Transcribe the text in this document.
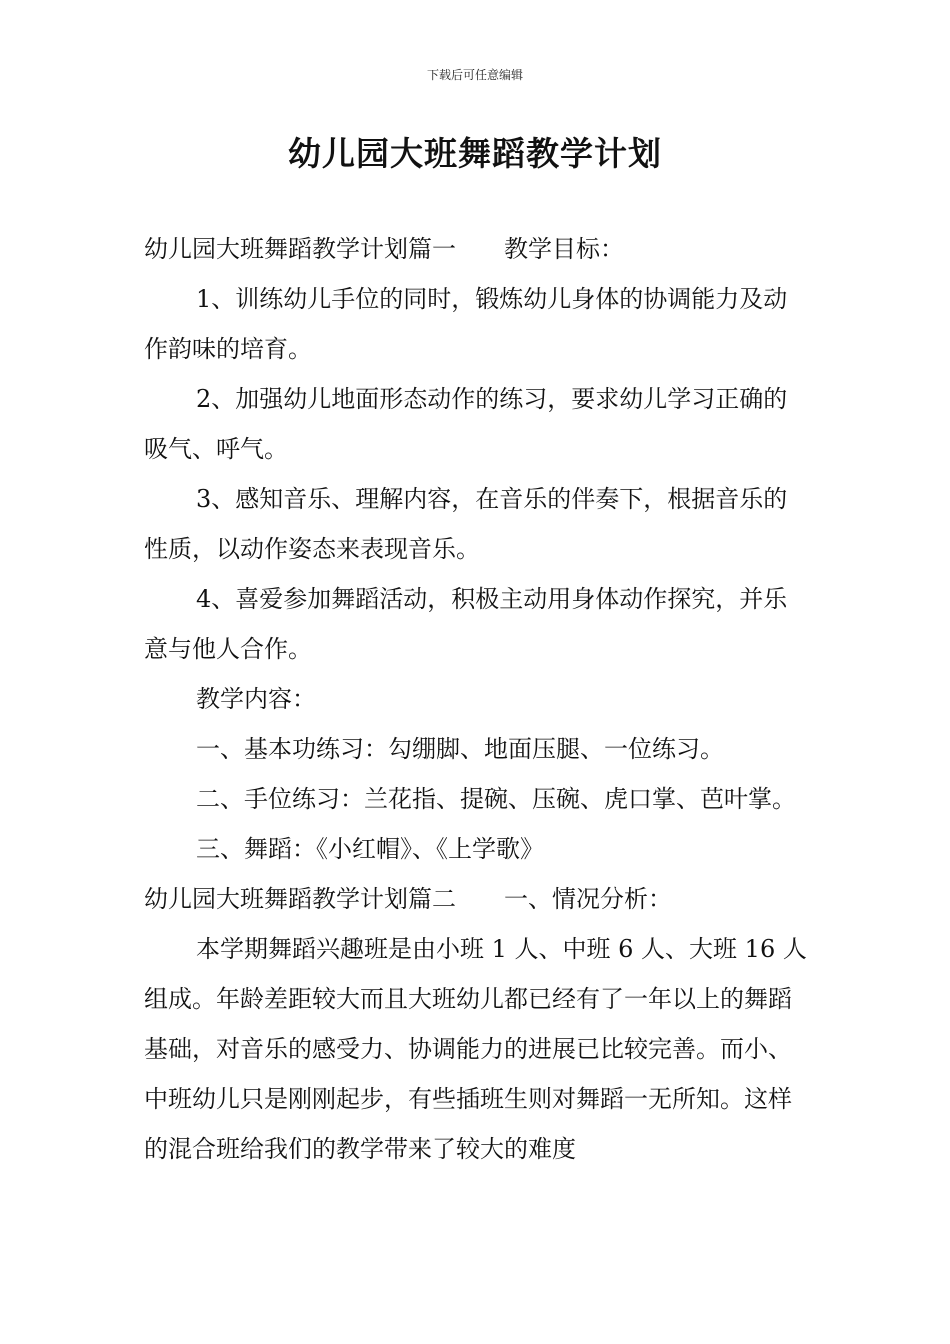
下载后可任意编辑
幼儿园大班舞蹈教学计划

幼儿园大班舞蹈教学计划篇一 教学目标：

1、训练幼儿手位的同时，锻炼幼儿身体的协调能力及动作韵味的培育。

2、加强幼儿地面形态动作的练习，要求幼儿学习正确的吸气、呼气。

3、感知音乐、理解内容，在音乐的伴奏下，根据音乐的性质，以动作姿态来表现音乐。

4、喜爱参加舞蹈活动，积极主动用身体动作探究，并乐意与他人合作。

教学内容：

一、基本功练习：勾绷脚、地面压腿、一位练习。

二、手位练习：兰花指、提碗、压碗、虎口掌、芭叶掌。

三、舞蹈：《小红帽》、《上学歌》

幼儿园大班舞蹈教学计划篇二 一、情况分析：

本学期舞蹈兴趣班是由小班 1 人、中班 6 人、大班 16 人组成。年龄差距较大而且大班幼儿都已经有了一年以上的舞蹈基础，对音乐的感受力、协调能力的进展已比较完善。而小、中班幼儿只是刚刚起步，有些插班生则对舞蹈一无所知。这样的混合班给我们的教学带来了较大的难度
